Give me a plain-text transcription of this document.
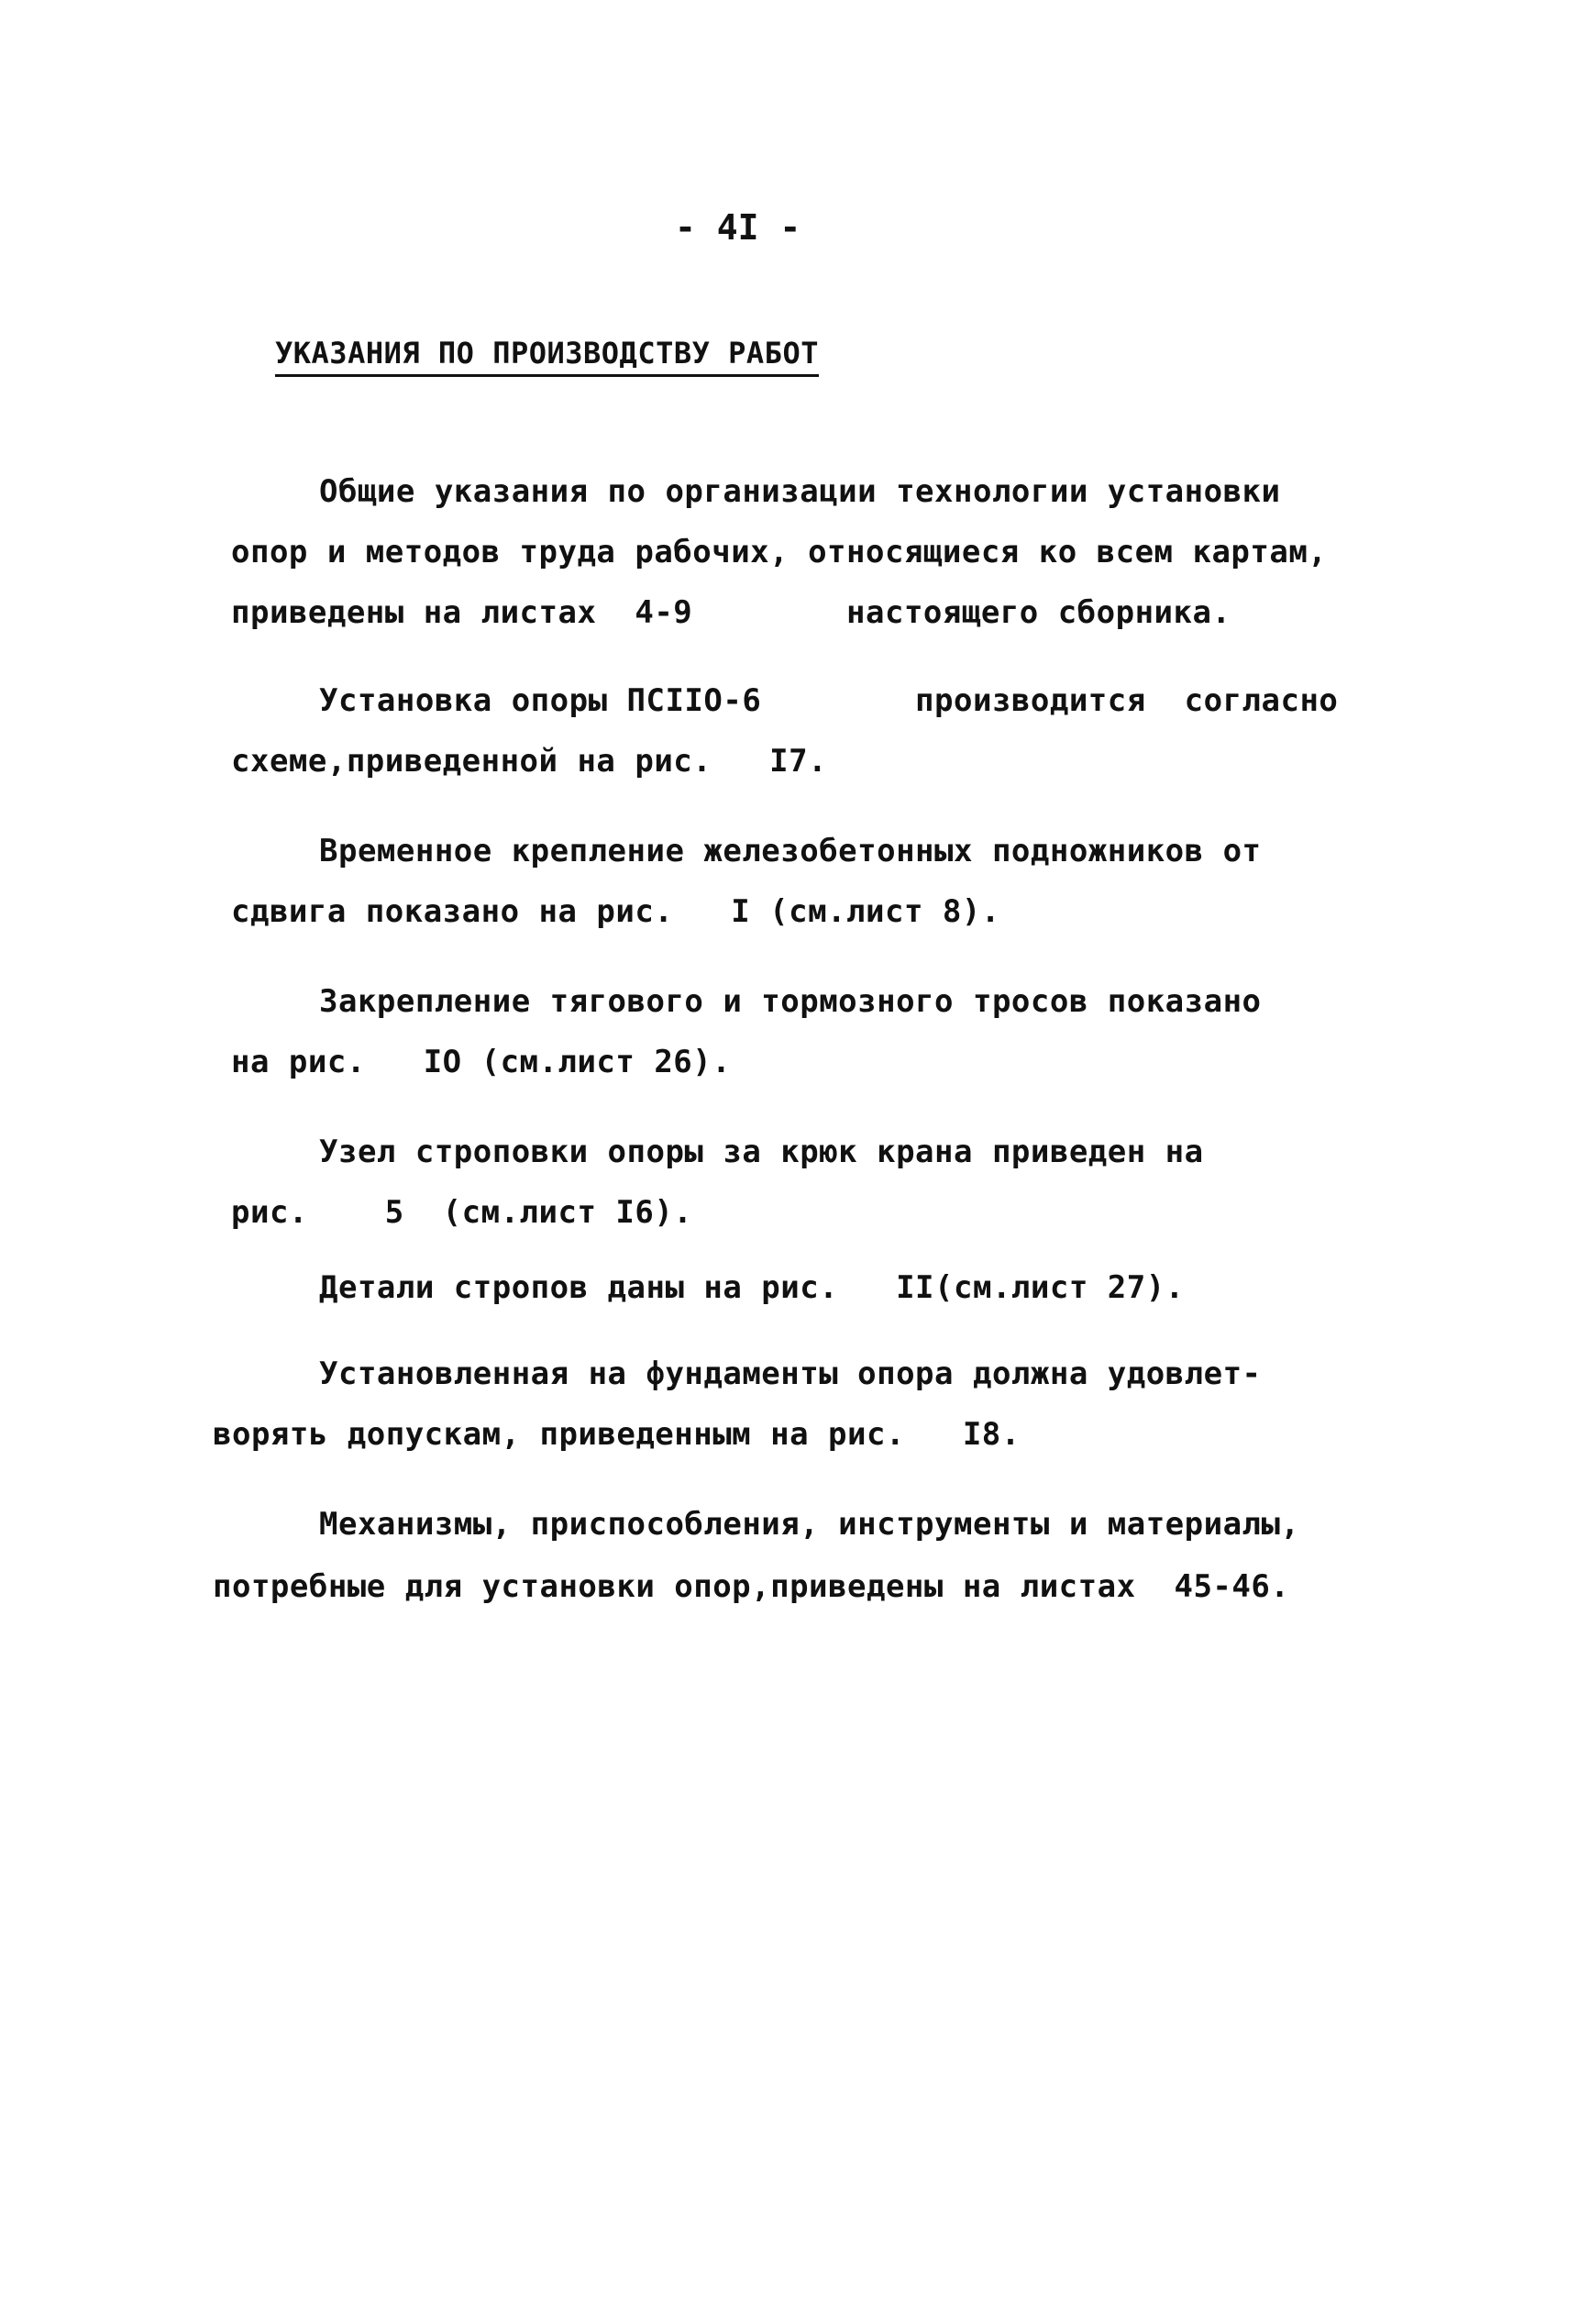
- 4I -
УКАЗАНИЯ ПО ПРОИЗВОДСТВУ РАБОТ
Общие указания по организации технологии установки
опор и методов труда рабочих, относящиеся ко всем картам,
приведены на листах  4-9        настоящего сборника.
Установка опоры ПСIIО-6        производится  согласно
схеме,приведенной на рис.   I7.
Временное крепление железобетонных подножников от
сдвига показано на рис.   I (см.лист 8).
Закрепление тягового и тормозного тросов показано
на рис.   IO (см.лист 26).
Узел строповки опоры за крюк крана приведен на
рис.    5  (см.лист I6).
Детали стропов даны на рис.   II(см.лист 27).
Установленная на фундаменты опора должна удовлет-
ворять допускам, приведенным на рис.   I8.
Механизмы, приспособления, инструменты и материалы,
потребные для установки опор,приведены на листах  45-46.
